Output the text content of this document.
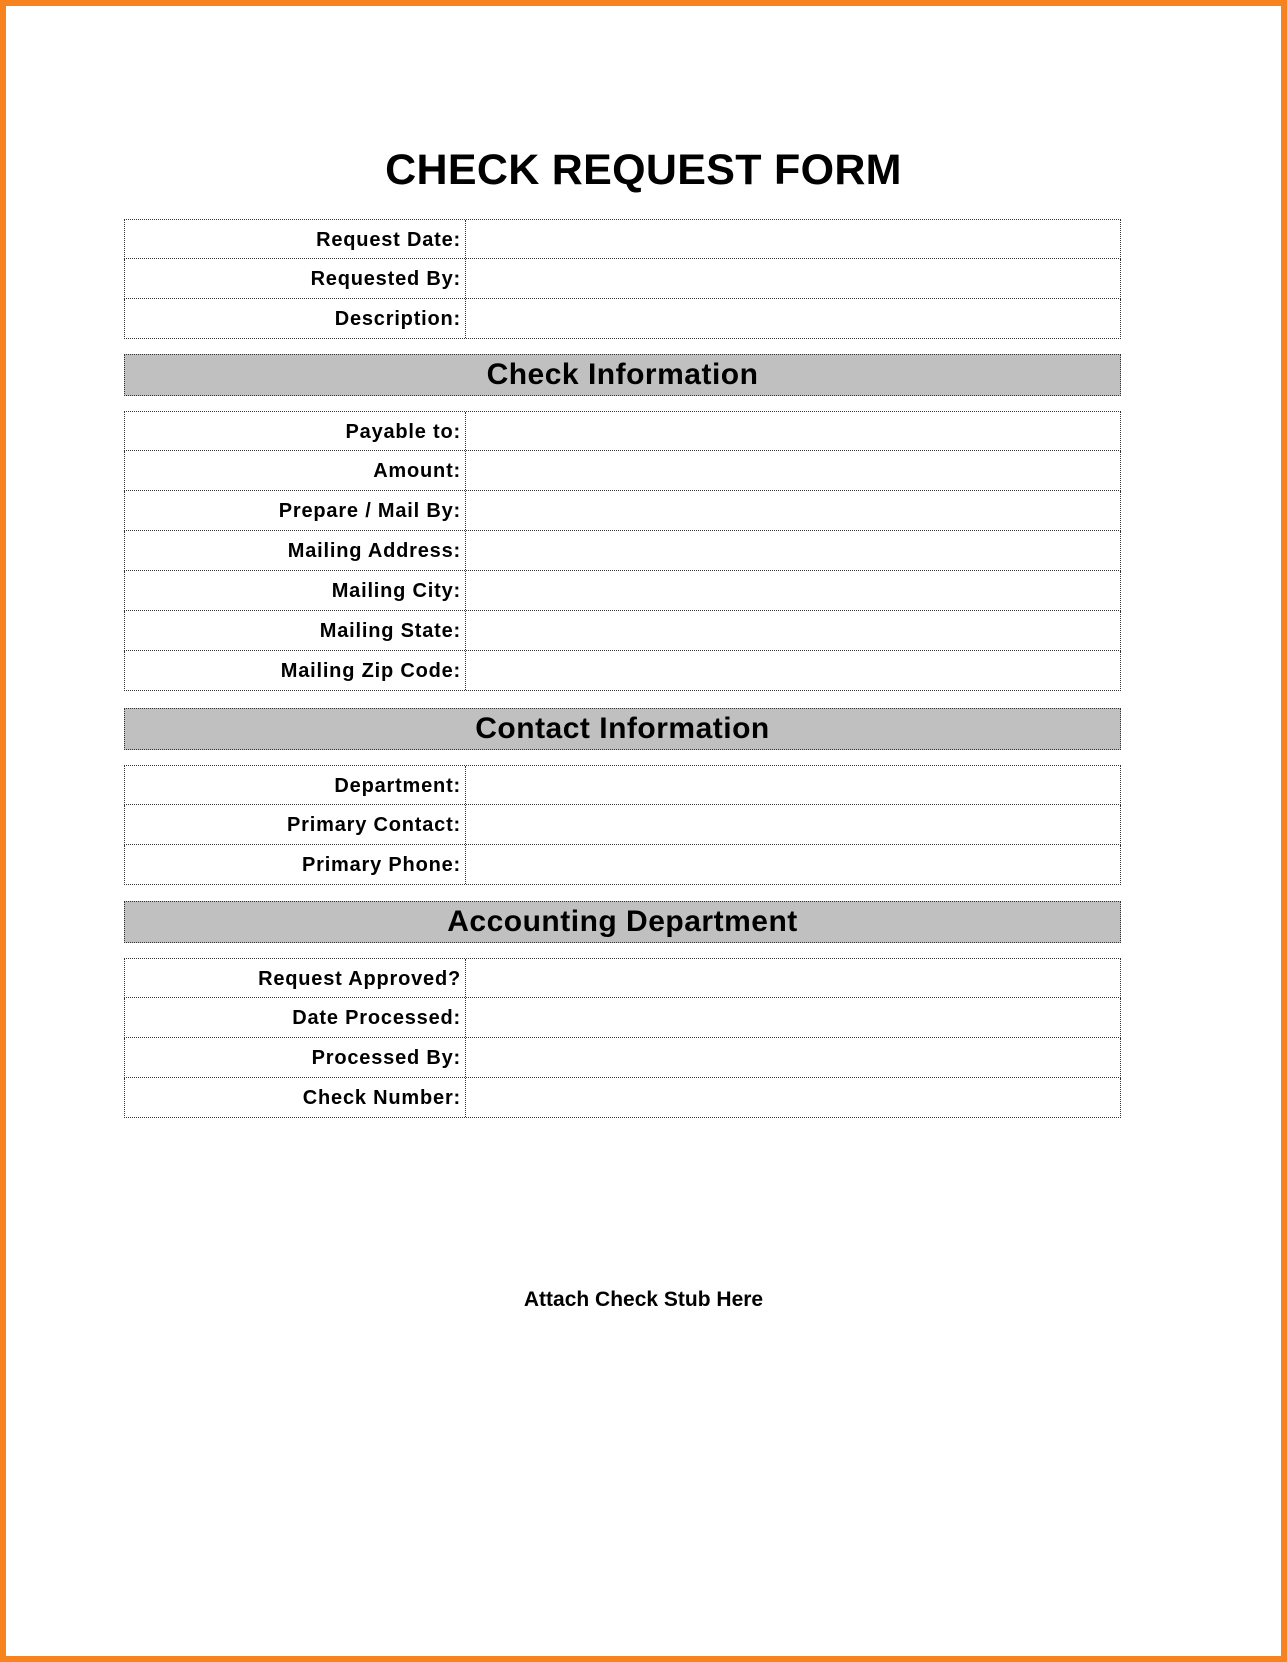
CHECK REQUEST FORM
Request Date:
Requested By:
Description:
Check Information
Payable to:
Amount:
Prepare / Mail By:
Mailing Address:
Mailing City:
Mailing State:
Mailing Zip Code:
Contact Information
Department:
Primary Contact:
Primary Phone:
Accounting Department
Request Approved?
Date Processed:
Processed By:
Check Number:
Attach Check Stub Here
